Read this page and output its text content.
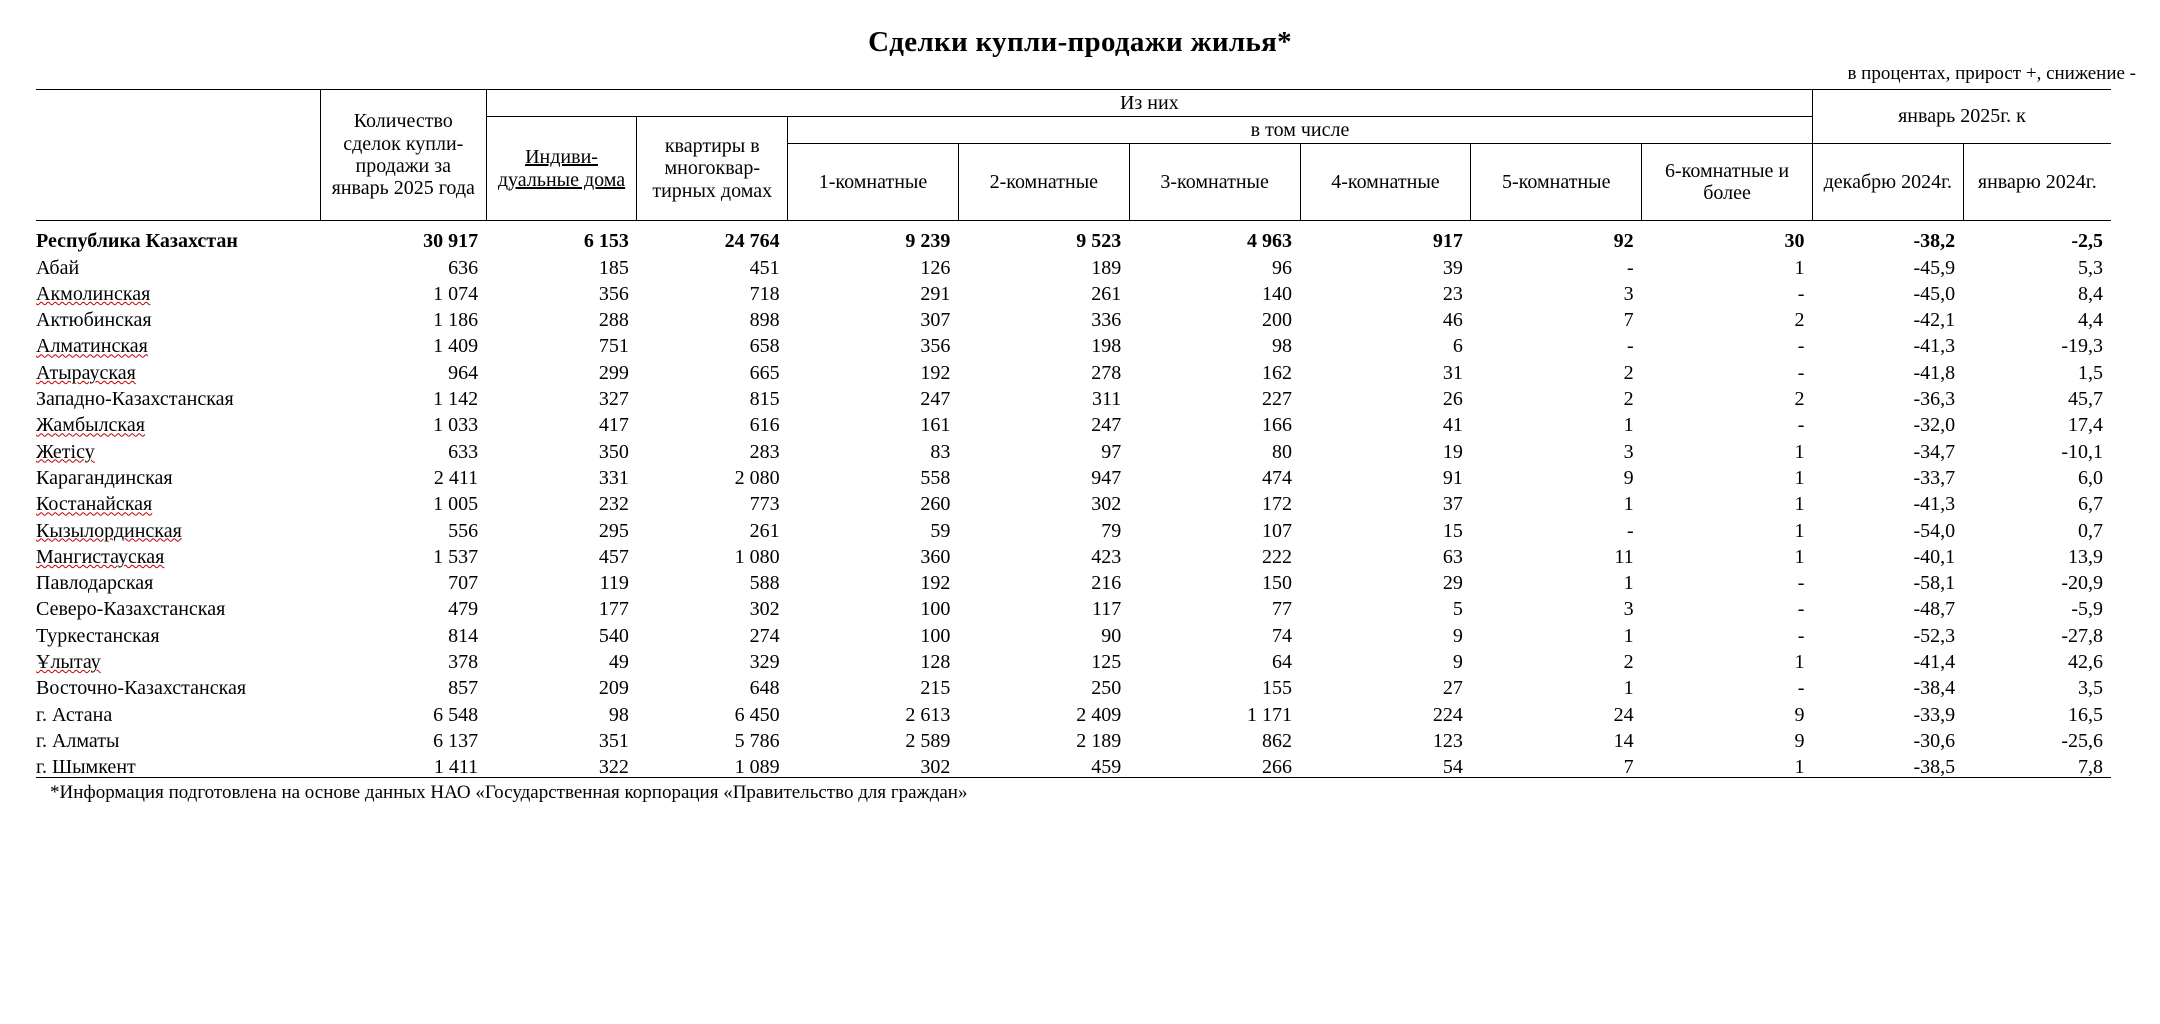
Сделки купли-продажи жилья*
в процентах, прирост +, снижение -
	Количество сделок купли-продажи за январь 2025 года	Из них								январь 2025г. к	
		Индиви-дуальные дома	квартиры в многоквар-тирных домах	в том числе							
				1-комнатные	2-комнатные	3-комнатные	4-комнатные	5-комнатные	6-комнатные и более	декабрю 2024г.	январю 2024г.
Республика Казахстан	30 917	6 153	24 764	9 239	9 523	4 963	917	92	30	-38,2	-2,5
Абай	636	185	451	126	189	96	39	-	1	-45,9	5,3
Акмолинская	1 074	356	718	291	261	140	23	3	-	-45,0	8,4
Актюбинская	1 186	288	898	307	336	200	46	7	2	-42,1	4,4
Алматинская	1 409	751	658	356	198	98	6	-	-	-41,3	-19,3
Атырауская	964	299	665	192	278	162	31	2	-	-41,8	1,5
Западно-Казахстанская	1 142	327	815	247	311	227	26	2	2	-36,3	45,7
Жамбылская	1 033	417	616	161	247	166	41	1	-	-32,0	17,4
Жетісу	633	350	283	83	97	80	19	3	1	-34,7	-10,1
Карагандинская	2 411	331	2 080	558	947	474	91	9	1	-33,7	6,0
Костанайская	1 005	232	773	260	302	172	37	1	1	-41,3	6,7
Кызылординская	556	295	261	59	79	107	15	-	1	-54,0	0,7
Мангистауская	1 537	457	1 080	360	423	222	63	11	1	-40,1	13,9
Павлодарская	707	119	588	192	216	150	29	1	-	-58,1	-20,9
Северо-Казахстанская	479	177	302	100	117	77	5	3	-	-48,7	-5,9
Туркестанская	814	540	274	100	90	74	9	1	-	-52,3	-27,8
Ұлытау	378	49	329	128	125	64	9	2	1	-41,4	42,6
Восточно-Казахстанская	857	209	648	215	250	155	27	1	-	-38,4	3,5
г. Астана	6 548	98	6 450	2 613	2 409	1 171	224	24	9	-33,9	16,5
г. Алматы	6 137	351	5 786	2 589	2 189	862	123	14	9	-30,6	-25,6
г. Шымкент	1 411	322	1 089	302	459	266	54	7	1	-38,5	7,8
*Информация подготовлена на основе данных НАО «Государственная корпорация «Правительство для граждан»
